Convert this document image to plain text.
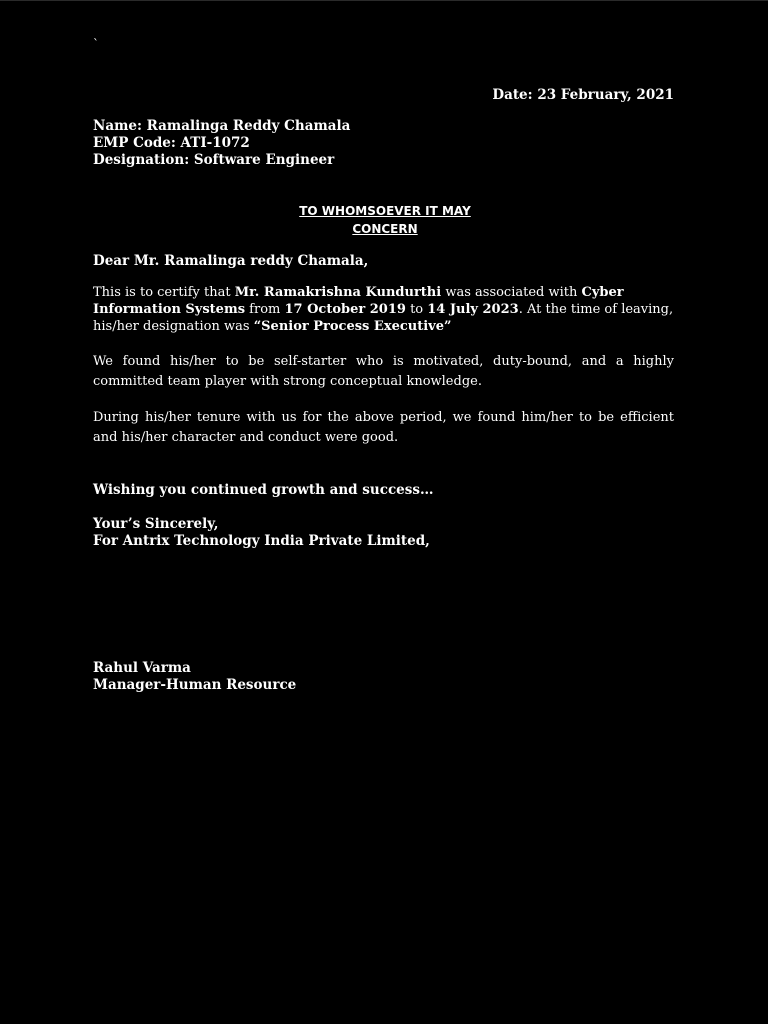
`
Date: 23 February, 2021
Name: Ramalinga Reddy Chamala
EMP Code: ATI-1072
Designation: Software Engineer
TO WHOMSOEVER IT MAY
CONCERN
Dear Mr. Ramalinga reddy Chamala,
This is to certify that Mr. Ramakrishna Kundurthi was associated with Cyber Information Systems from 17 October 2019 to 14 July 2023. At the time of leaving, his/her designation was “Senior Process Executive”
We found his/her to be self-starter who is motivated, duty-bound, and a highly committed team player with strong conceptual knowledge.
During his/her tenure with us for the above period, we found him/her to be efficient and his/her character and conduct were good.
Wishing you continued growth and success…
Your’s Sincerely,
For Antrix Technology India Private Limited,
Rahul Varma
Manager-Human Resource
